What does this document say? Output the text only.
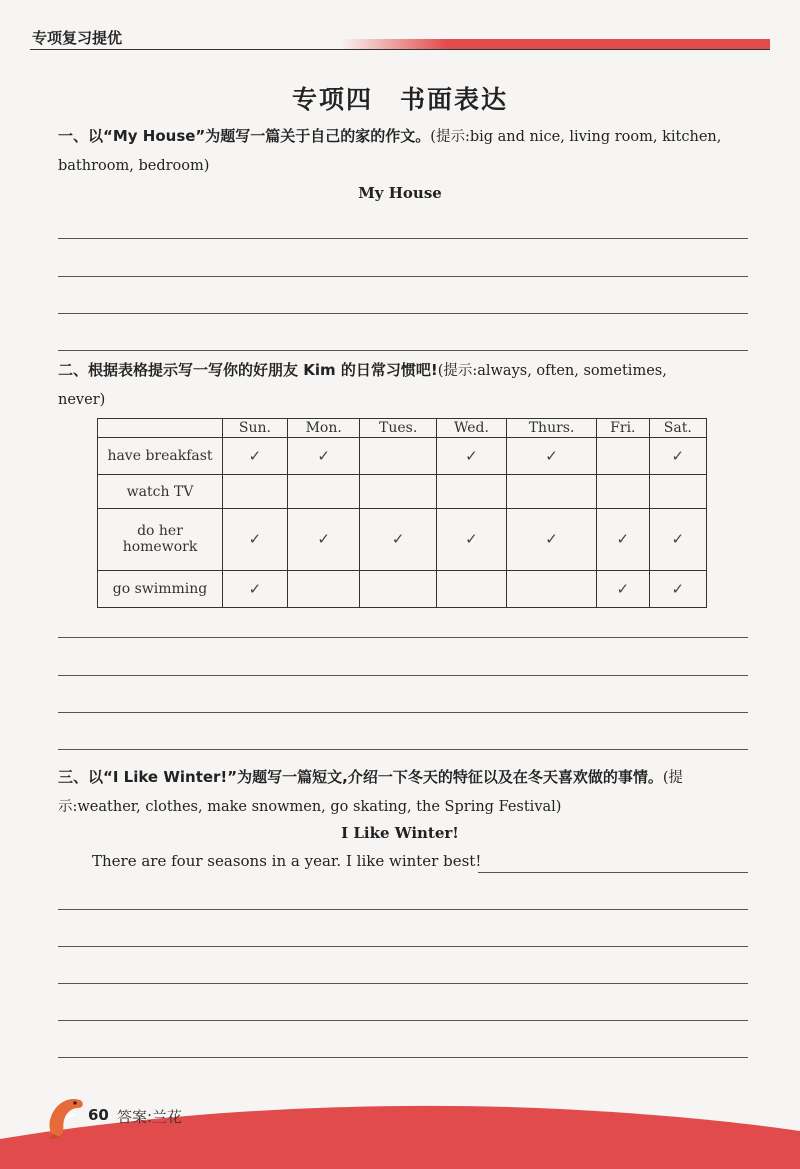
专项复习提优
专项四　书面表达
一、以“My House”为题写一篇关于自己的家的作文。(提示:big and nice, living room, kitchen,
bathroom, bedroom)
My House
二、根据表格提示写一写你的好朋友 Kim 的日常习惯吧!(提示:always, often, sometimes,
never)
	Sun.	Mon.	Tues.	Wed.	Thurs.	Fri.	Sat.
have breakfast	✓	✓		✓	✓		✓
watch TV							
do her homework	✓	✓	✓	✓	✓	✓	✓
go swimming	✓					✓	✓
三、以“I Like Winter!”为题写一篇短文,介绍一下冬天的特征以及在冬天喜欢做的事情。(提
示:weather, clothes, make snowmen, go skating, the Spring Festival)
I Like Winter!
There are four seasons in a year. I like winter best!
60 答案:兰花
